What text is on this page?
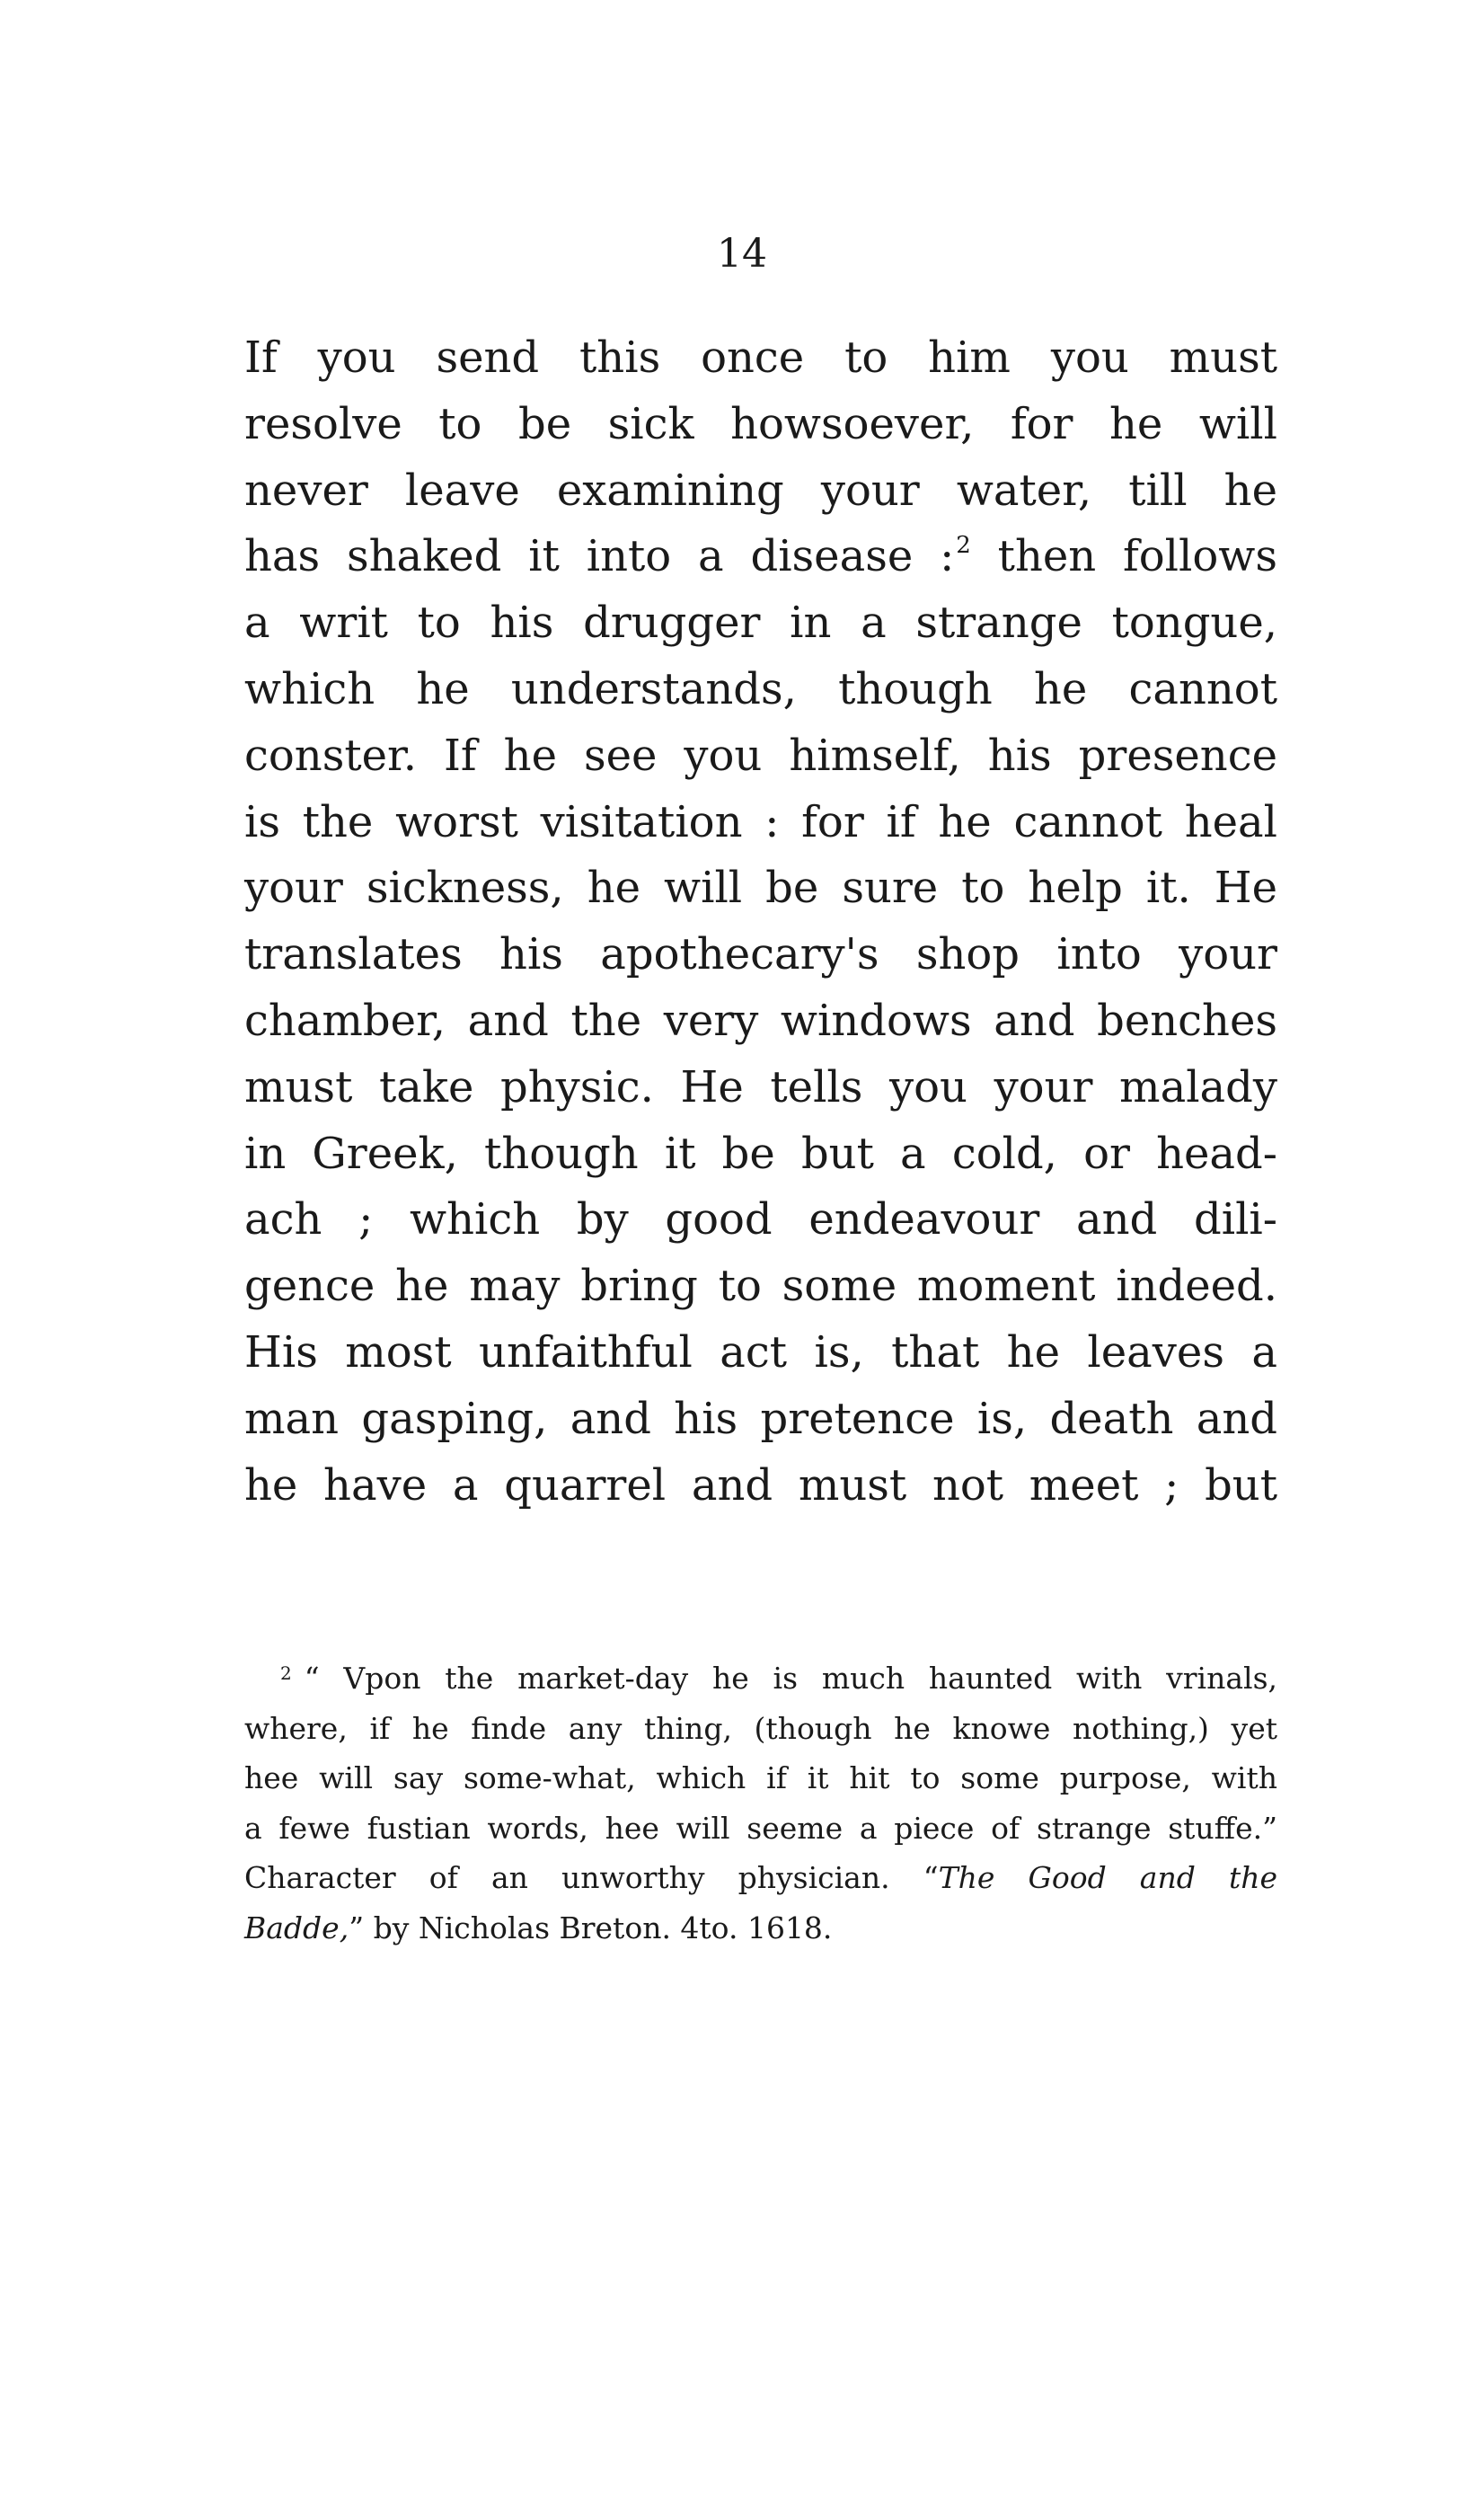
14
If you send this once to him you must
resolve to be sick howsoever, for he will
never leave examining your water, till he
has shaked it into a disease :$^2$ then follows
a writ to his drugger in a strange tongue,
which he understands, though he cannot
conster. If he see you himself, his presence
is the worst visitation : for if he cannot heal
your sickness, he will be sure to help it. He
translates his apothecary's shop into your
chamber, and the very windows and benches
must take physic. He tells you your malady
in Greek, though it be but a cold, or head-
ach ; which by good endeavour and dili-
gence he may bring to some moment indeed.
His most unfaithful act is, that he leaves a
man gasping, and his pretence is, death and
he have a quarrel and must not meet ; but
$^2$ “ Vpon the market-day he is much haunted with vrinals,
where, if he finde any thing, (though he knowe nothing,) yet
hee will say some-what, which if it hit to some purpose, with
a fewe fustian words, hee will seeme a piece of strange stuffe.”
Character of an unworthy physician. “The Good and the
Badde,” by Nicholas Breton. 4to. 1618.
